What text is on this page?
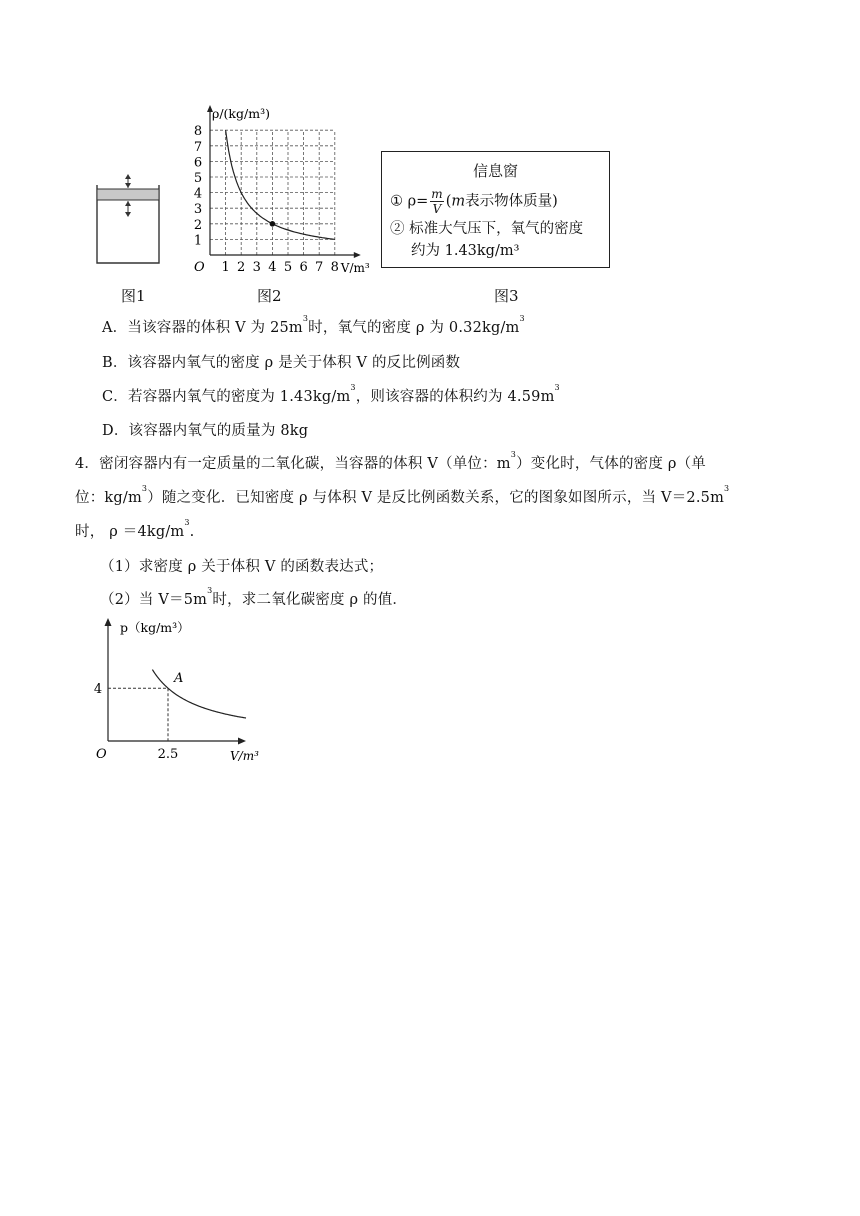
图1
1 2 3 4 5 6 7 8
1
2
3
4
5
6
7
8
O	V/m³
ρ/(kg/m³)
图2
信息窗
① $\rho= \frac{m}{V} (m$表示物体质量)
② 标准大气压下，氧气的密度
约为 1.43kg/m³
图3
A．当该容器的体积 V 为 $25m^3$时，氧气的密度 ρ 为 $0.32kg/m^3$
B．该容器内氧气的密度 ρ 是关于体积 V 的反比例函数
C．若容器内氧气的密度为 $1.43kg/m^3$，则该容器的体积约为 $4.59m^3$
D．该容器内氧气的质量为 8kg
4．密闭容器内有一定质量的二氧化碳，当容器的体积 V（单位：$m^3$）变化时，气体的密度 ρ（单
位：$kg/m^3$）随之变化．已知密度 ρ 与体积 V 是反比例函数关系，它的图象如图所示，当 $V=2.5m^3$
时， $\rho =4kg/m^3$.
（1）求密度 ρ 关于体积 V 的函数表达式；
（2）当 $V=5m^3$时，求二氧化碳密度 ρ 的值．
A
4
2.5
O	V/m³
p（kg/m³）
